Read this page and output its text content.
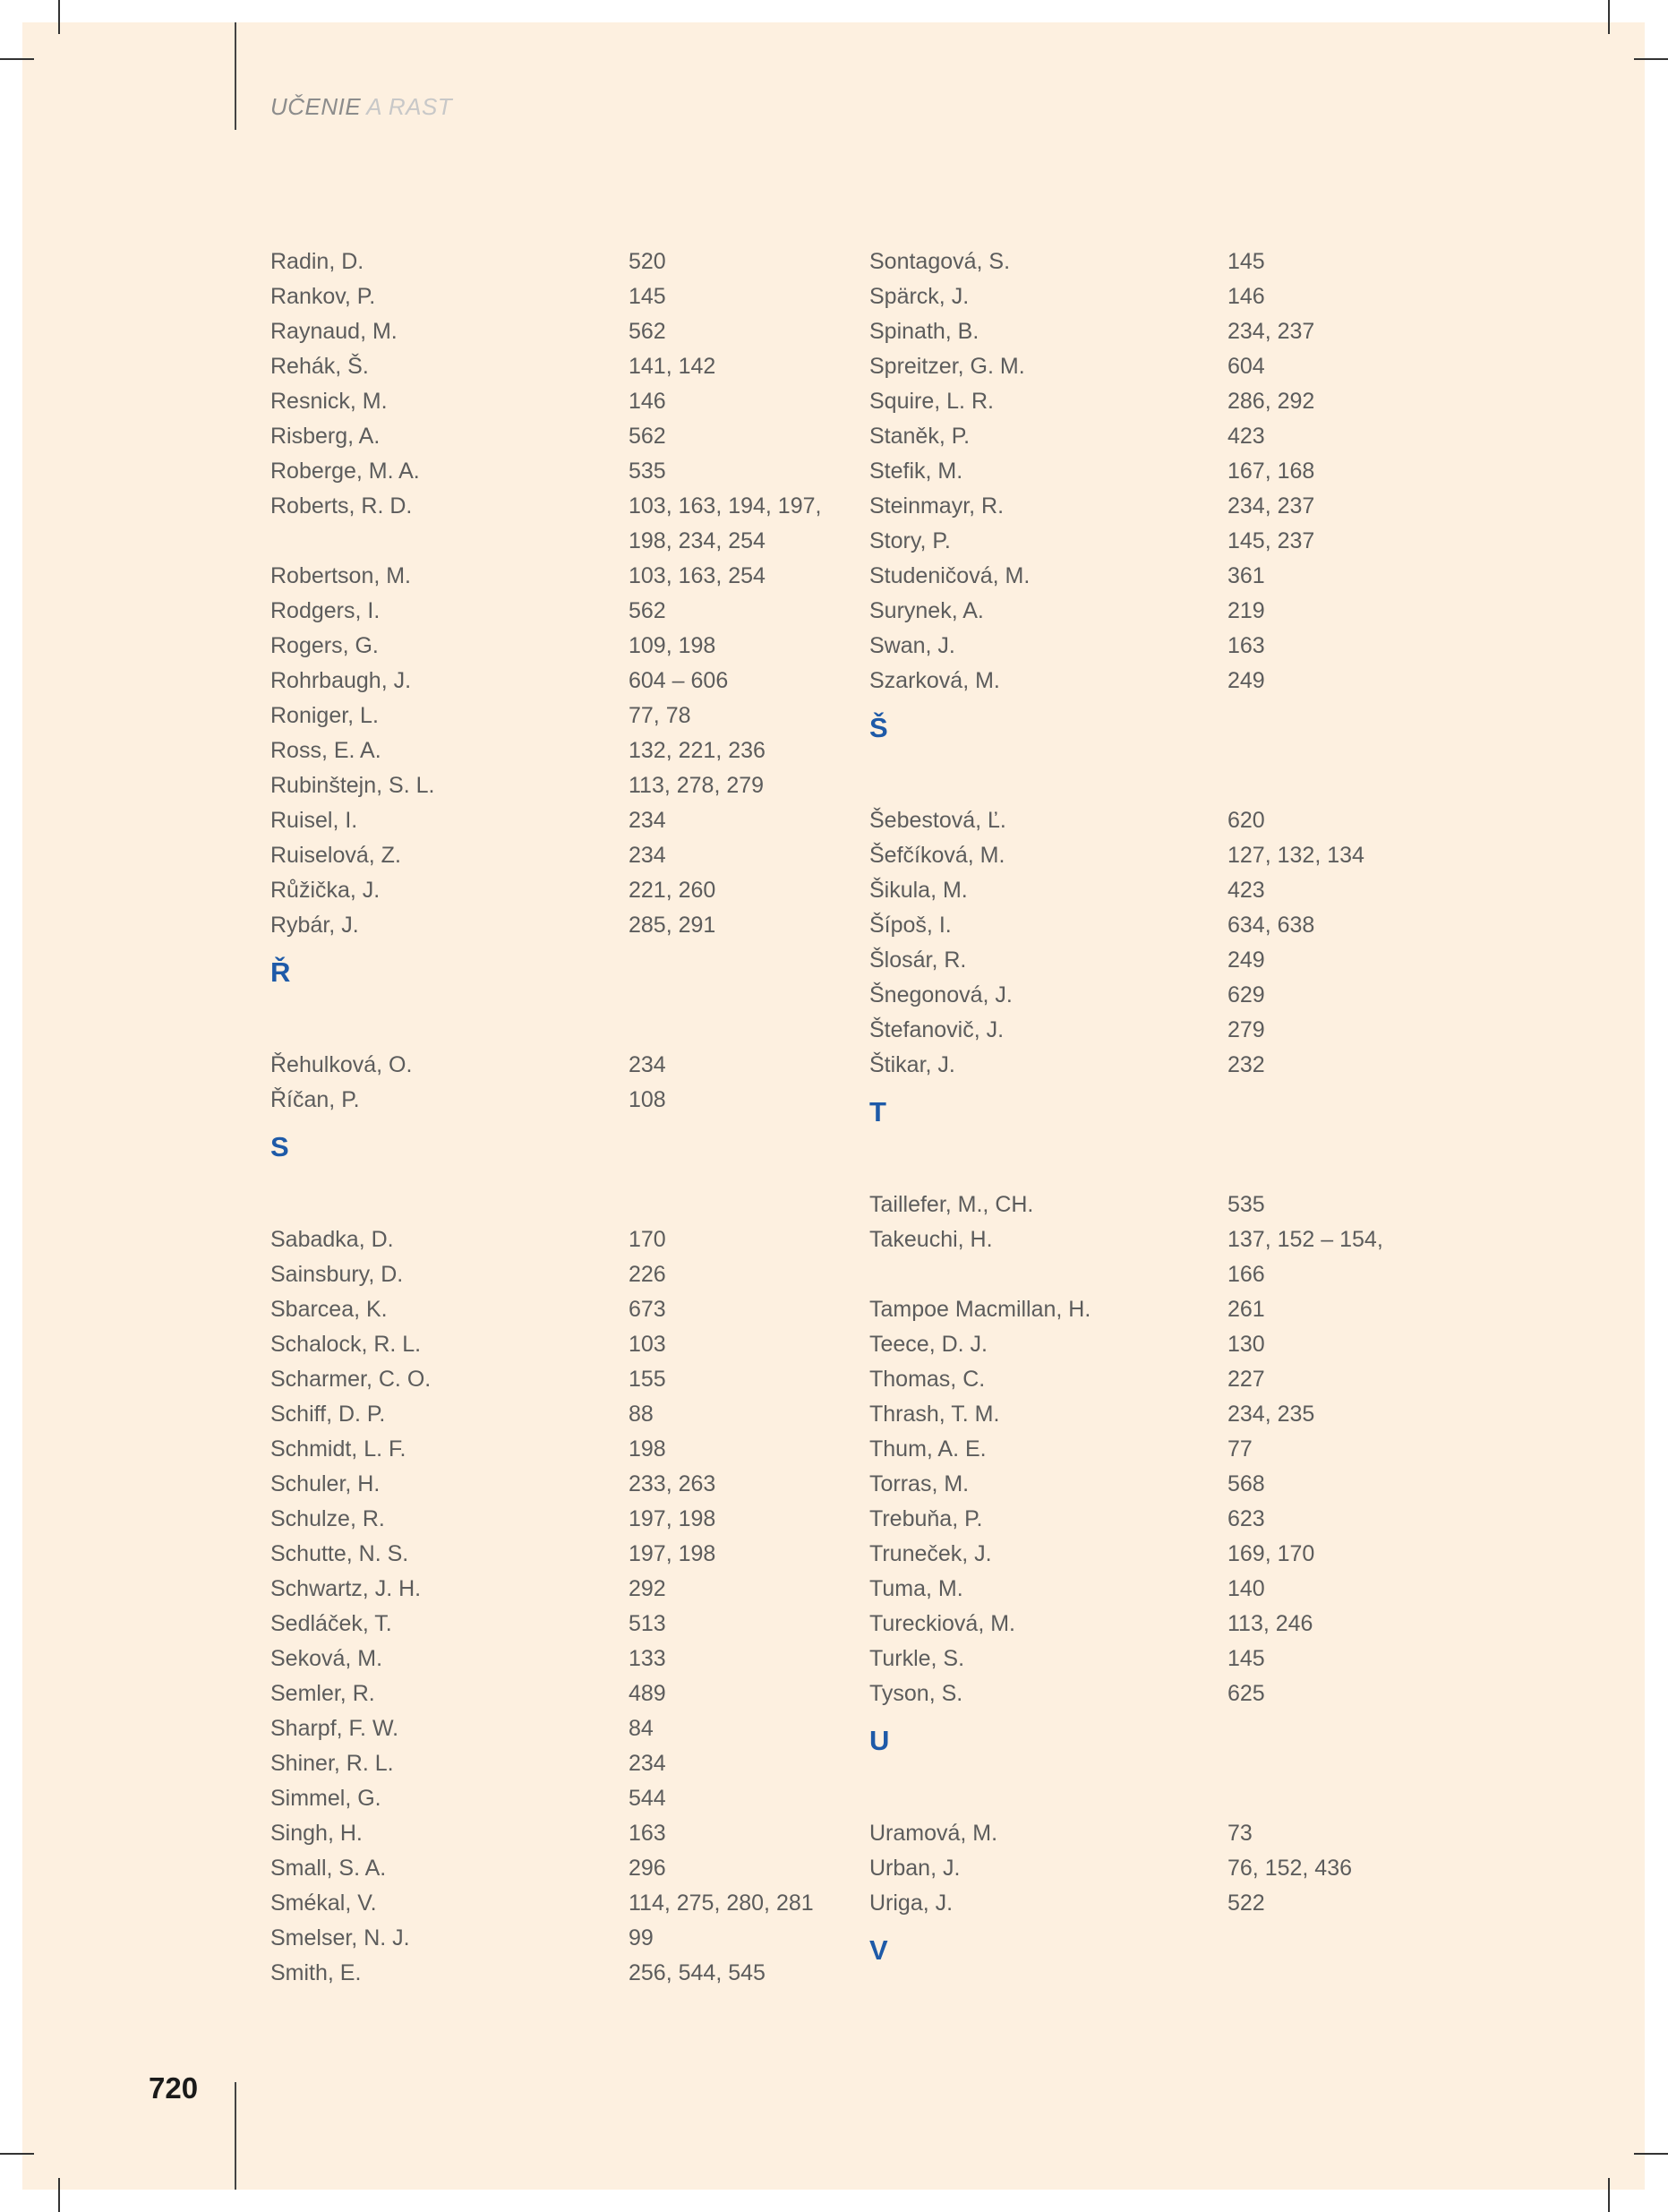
UČENIE A RAST
Radin, D.	520
Rankov, P.	145
Raynaud, M.	562
Rehák, Š.	141, 142
Resnick, M.	146
Risberg, A.	562
Roberge, M. A.	535
Roberts, R. D.	103, 163, 194, 197,
198, 234, 254
Robertson, M.	103, 163, 254
Rodgers, I.	562
Rogers, G.	109, 198
Rohrbaugh, J.	604 – 606
Roniger, L.	77, 78
Ross, E. A.	132, 221, 236
Rubinštejn, S. L.	113, 278, 279
Ruisel, I.	234
Ruiselová, Z.	234
Růžička, J.	221, 260
Rybár, J.	285, 291
Ř
Řehulková, O.	234
Říčan, P.	108
S
Sabadka, D.	170
Sainsbury, D.	226
Sbarcea, K.	673
Schalock, R. L.	103
Scharmer, C. O.	155
Schiff, D. P.	88
Schmidt, L. F.	198
Schuler, H.	233, 263
Schulze, R.	197, 198
Schutte, N. S.	197, 198
Schwartz, J. H.	292
Sedláček, T.	513
Seková, M.	133
Semler, R.	489
Sharpf, F. W.	84
Shiner, R. L.	234
Simmel, G.	544
Singh, H.	163
Small, S. A.	296
Smékal, V.	114, 275, 280, 281
Smelser, N. J.	99
Smith, E.	256, 544, 545
Sontagová, S.	145
Spärck, J.	146
Spinath, B.	234, 237
Spreitzer, G. M.	604
Squire, L. R.	286, 292
Staněk, P.	423
Stefik, M.	167, 168
Steinmayr, R.	234, 237
Story, P.	145, 237
Studeničová, M.	361
Surynek, A.	219
Swan, J.	163
Szarková, M.	249
Š
Šebestová, Ľ.	620
Šefčíková, M.	127, 132, 134
Šikula, M.	423
Šípoš, I.	634, 638
Šlosár, R.	249
Šnegonová, J.	629
Štefanovič, J.	279
Štikar, J.	232
T
Taillefer, M., CH.	535
Takeuchi, H.	137, 152 – 154, 166
Tampoe Macmillan, H.	261
Teece, D. J.	130
Thomas, C.	227
Thrash, T. M.	234, 235
Thum, A. E.	77
Torras, M.	568
Trebuňa, P.	623
Truneček, J.	169, 170
Tuma, M.	140
Tureckiová, M.	113, 246
Turkle, S.	145
Tyson, S.	625
U
Uramová, M.	73
Urban, J.	76, 152, 436
Uriga, J.	522
V
720
